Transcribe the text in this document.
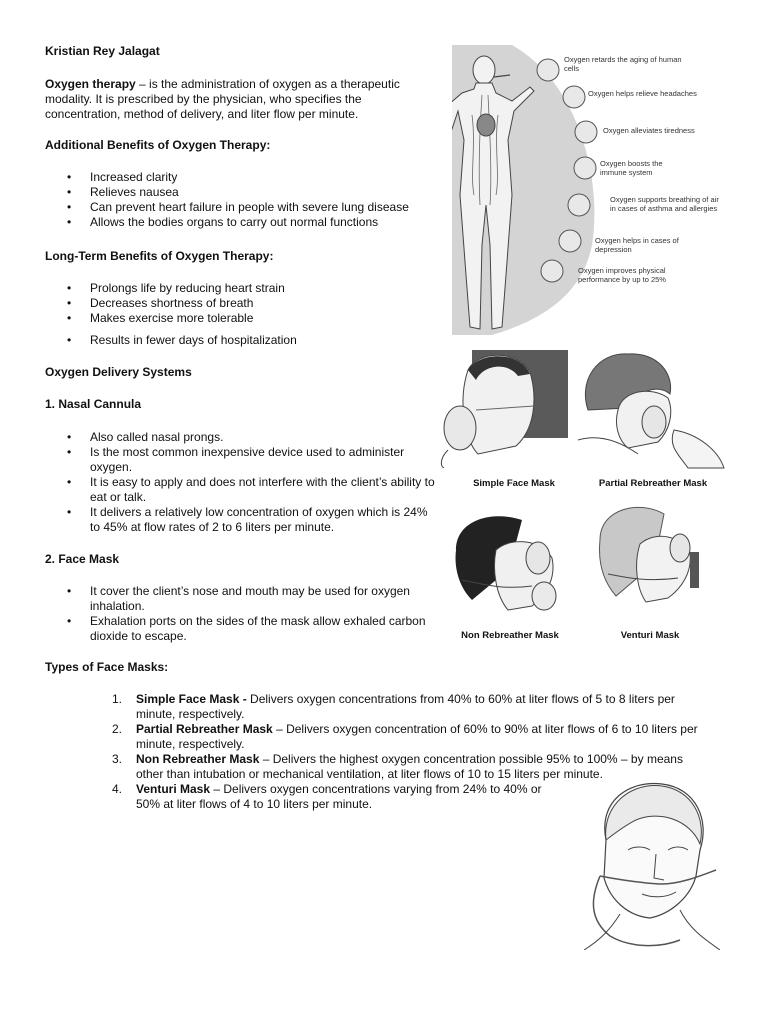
Kristian Rey Jalagat
Oxygen therapy – is the administration of oxygen as a therapeutic modality. It is prescribed by the physician, who specifies the concentration, method of delivery, and liter flow per minute.
Additional Benefits of Oxygen Therapy:
• Increased clarity
• Relieves nausea
• Can prevent heart failure in people with severe lung disease
• Allows the bodies organs to carry out normal functions
Long-Term Benefits of Oxygen Therapy:
• Prolongs life by reducing heart strain
• Decreases shortness of breath
• Makes exercise more tolerable
• Results in fewer days of hospitalization
Oxygen Delivery Systems
1. Nasal Cannula
• Also called nasal prongs.
• Is the most common inexpensive device used to administer oxygen.
• It is easy to apply and does not interfere with the client’s ability to eat or talk.
• It delivers a relatively low concentration of oxygen which is 24% to 45% at flow rates of 2 to 6 liters per minute.
2. Face Mask
• It cover the client’s nose and mouth may be used for oxygen inhalation.
• Exhalation ports on the sides of the mask allow exhaled carbon dioxide to escape.
Types of Face Masks:
1. Simple Face Mask - Delivers oxygen concentrations from 40% to 60% at liter flows of 5 to 8 liters per minute, respectively.
2. Partial Rebreather Mask – Delivers oxygen concentration of 60% to 90% at liter flows of 6 to 10 liters per minute, respectively.
3. Non Rebreather Mask – Delivers the highest oxygen concentration possible 95% to 100% – by means other than intubation or mechanical ventilation, at liter flows of 10 to 15 liters per minute.
4. Venturi Mask – Delivers oxygen concentrations varying from 24% to 40% or 50% at liter flows of 4 to 10 liters per minute.
Oxygen retards the aging of human cells
Oxygen helps relieve headaches
Oxygen alleviates tiredness
Oxygen boosts the immune system
Oxygen supports breathing of air in cases of asthma and allergies
Oxygen helps in cases of depression
Oxygen improves physical performance by up to 25%
Simple Face Mask	Partial Rebreather Mask
Non Rebreather Mask	Venturi Mask
